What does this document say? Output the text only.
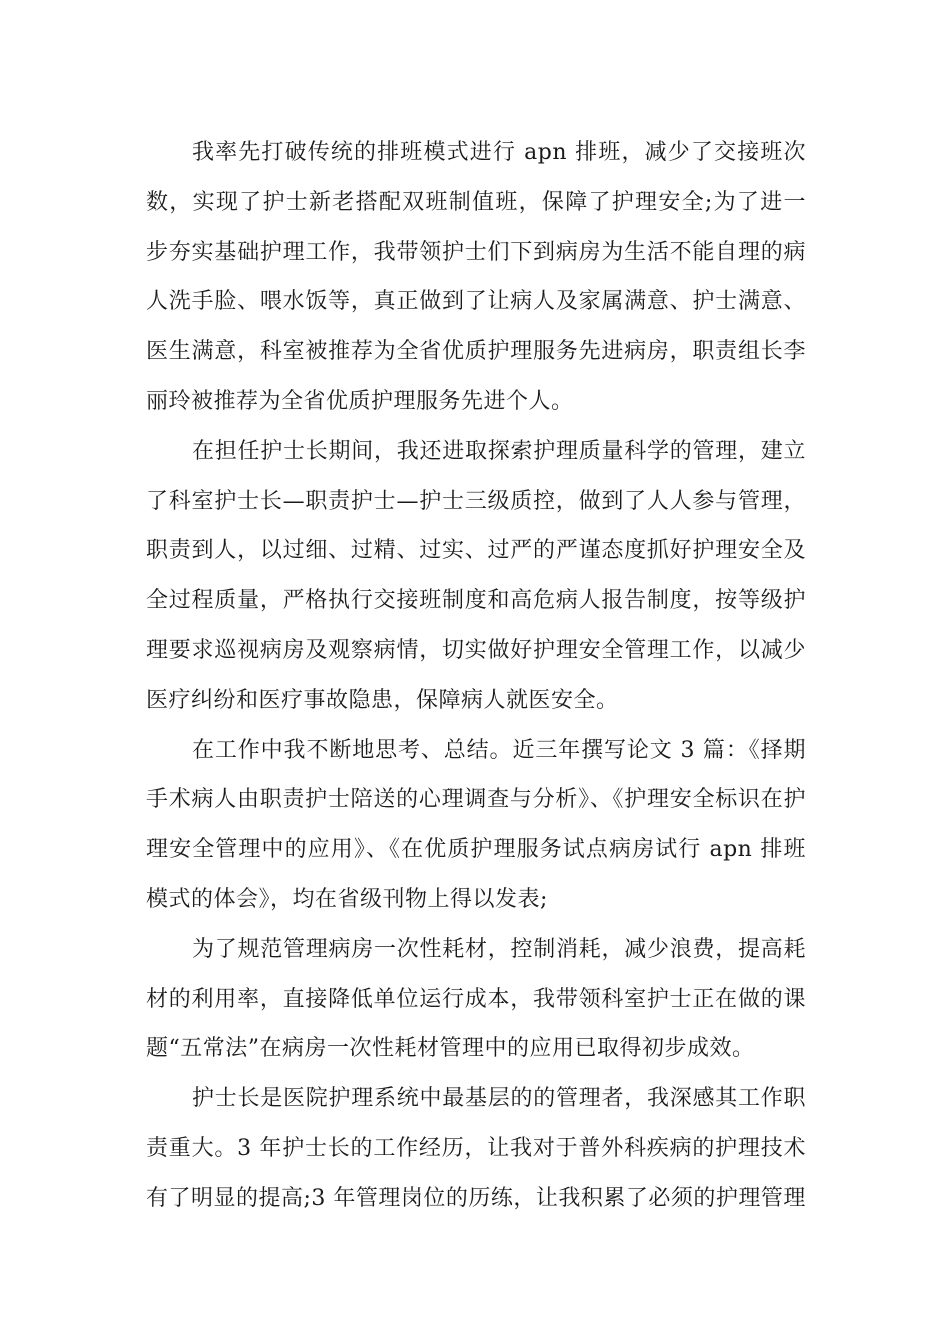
我率先打破传统的排班模式进行 apn 排班，减少了交接班次数，实现了护士新老搭配双班制值班，保障了护理安全;为了进一步夯实基础护理工作，我带领护士们下到病房为生活不能自理的病人洗手脸、喂水饭等，真正做到了让病人及家属满意、护士满意、医生满意，科室被推荐为全省优质护理服务先进病房，职责组长李丽玲被推荐为全省优质护理服务先进个人。

在担任护士长期间，我还进取探索护理质量科学的管理，建立了科室护士长—职责护士—护士三级质控，做到了人人参与管理，职责到人，以过细、过精、过实、过严的严谨态度抓好护理安全及全过程质量，严格执行交接班制度和高危病人报告制度，按等级护理要求巡视病房及观察病情，切实做好护理安全管理工作，以减少医疗纠纷和医疗事故隐患，保障病人就医安全。

在工作中我不断地思考、总结。近三年撰写论文 3 篇：《择期手术病人由职责护士陪送的心理调查与分析》、《护理安全标识在护理安全管理中的应用》、《在优质护理服务试点病房试行 apn 排班模式的体会》，均在省级刊物上得以发表;

为了规范管理病房一次性耗材，控制消耗，减少浪费，提高耗材的利用率，直接降低单位运行成本，我带领科室护士正在做的课题“五常法”在病房一次性耗材管理中的应用已取得初步成效。

护士长是医院护理系统中最基层的的管理者，我深感其工作职责重大。3 年护士长的工作经历，让我对于普外科疾病的护理技术有了明显的提高;3 年管理岗位的历练，让我积累了必须的护理管理
